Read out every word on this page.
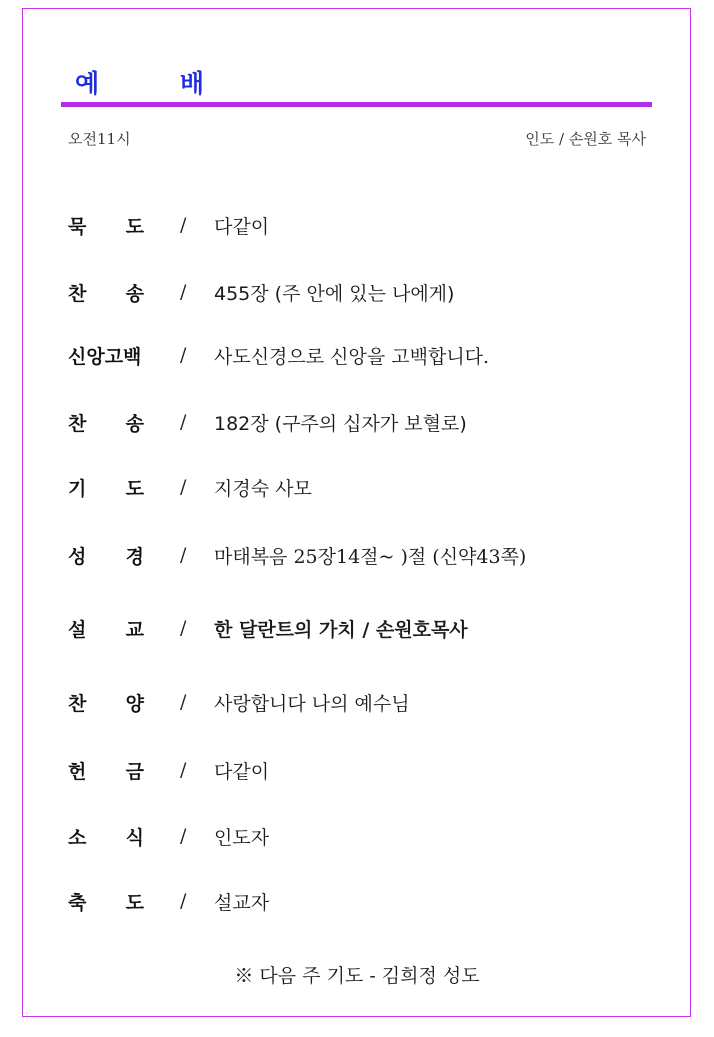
예 배
오전11시	인도 / 손원호 목사
묵 도 / 다같이
찬 송 / 455장 (주 안에 있는 나에게)
신앙고백 / 사도신경으로 신앙을 고백합니다.
찬 송 / 182장 (구주의 십자가 보혈로)
기 도 / 지경숙 사모
성 경 / 마태복음 25장14절~ )절 (신약43쪽)
설 교 / 한 달란트의 가치 / 손원호목사
찬 양 / 사랑합니다 나의 예수님
헌 금 / 다같이
소 식 / 인도자
축 도 / 설교자
※ 다음 주 기도 - 김희정 성도
